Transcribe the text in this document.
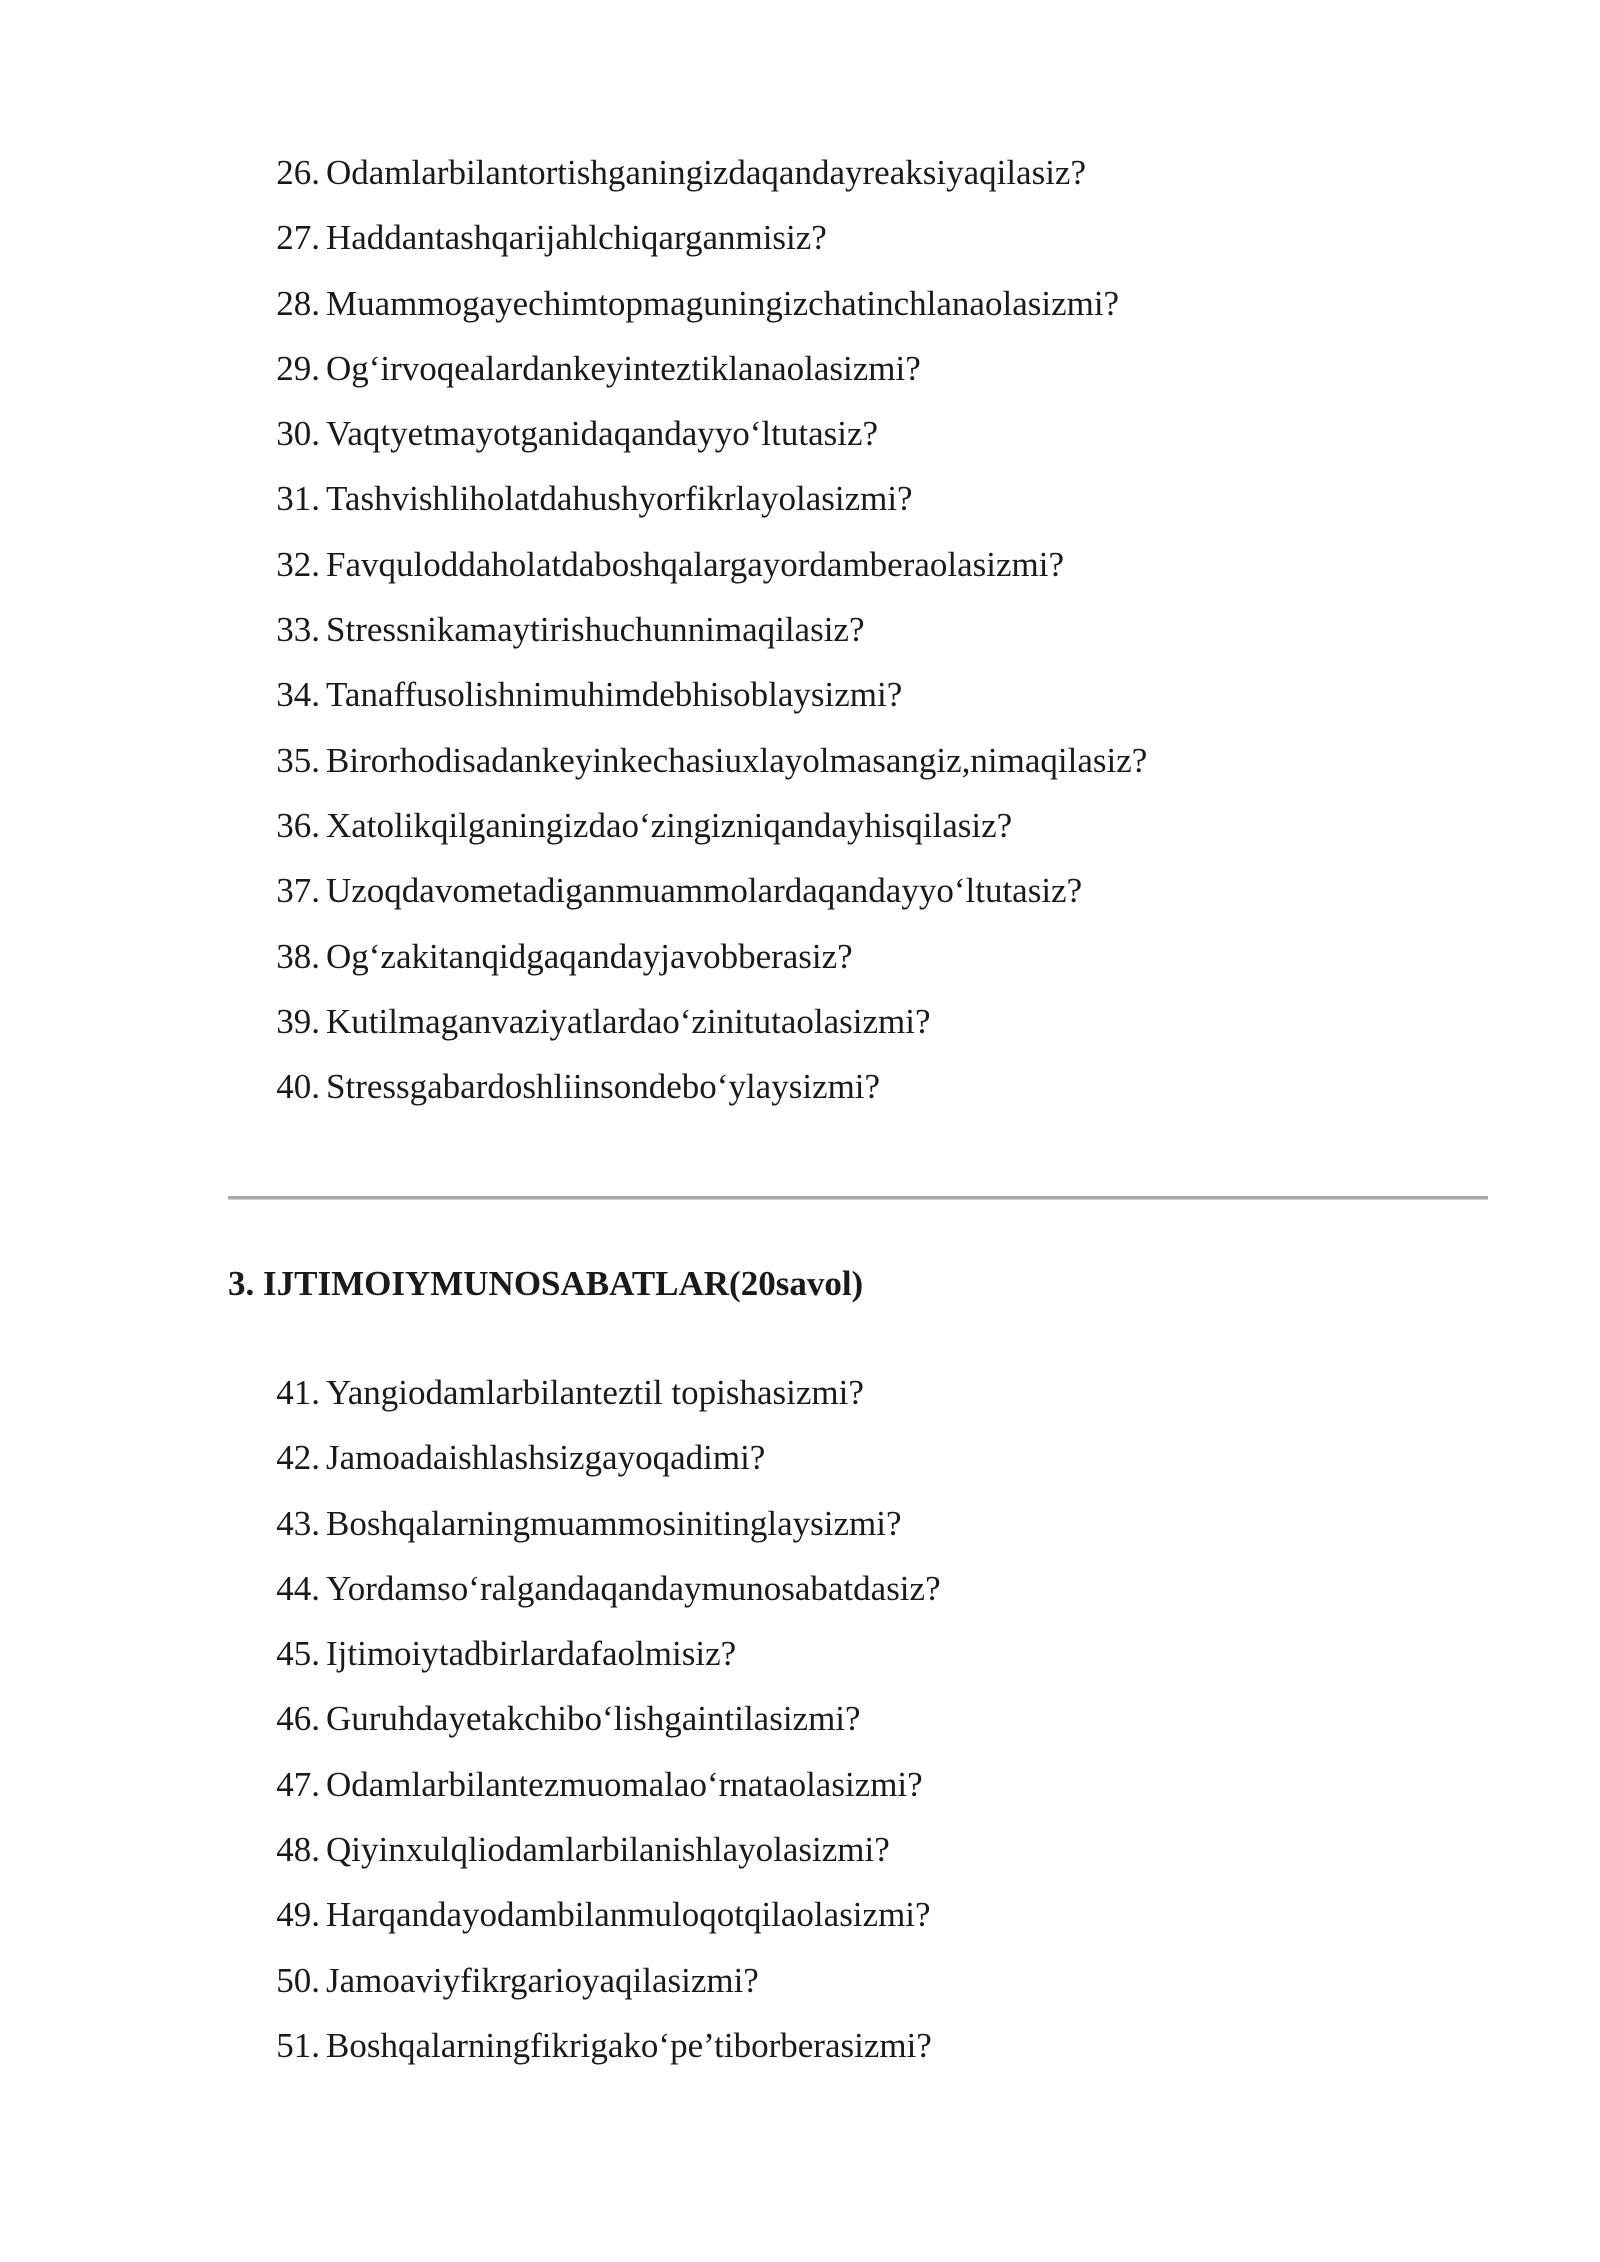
26. Odamlarbilantortishganingizdaqandayreaksiyaqilasiz?
27. Haddantashqarijahlchiqarganmisiz?
28. Muammogayechimtopmaguningizchatinchlanaolasizmi?
29. Og‘irvoqealardankeyinteztiklanaolasizmi?
30. Vaqtyetmayotganidaqandayyo‘ltutasiz?
31. Tashvishliholatdahushyorfikrlayolasizmi?
32. Favquloddaholatdaboshqalargayordamberaolasizmi?
33. Stressnikamaytirishuchunnimaqilasiz?
34. Tanaffusolishnimuhimdebhisoblaysizmi?
35. Birorhodisadankeyinkechasiuxlayolmasangiz,nimaqilasiz?
36. Xatolikqilganingizdao‘zingizniqandayhisqilasiz?
37. Uzoqdavometadiganmuammolardaqandayyo‘ltutasiz?
38. Og‘zakitanqidgaqandayjavobberasiz?
39. Kutilmaganvaziyatlardao‘zinitutaolasizmi?
40. Stressgabardoshliinsondebo‘ylaysizmi?
3. IJTIMOIYMUNOSABATLAR(20savol)
41. Yangiodamlarbilanteztil topishasizmi?
42. Jamoadaishlashsizgayoqadimi?
43. Boshqalarningmuammosinitinglaysizmi?
44. Yordamso‘ralgandaqandaymunosabatdasiz?
45. Ijtimoiytadbirlardafaolmisiz?
46. Guruhdayetakchibo‘lishgaintilasizmi?
47. Odamlarbilantezmuomalao‘rnataolasizmi?
48. Qiyinxulqliodamlarbilanishlayolasizmi?
49. Harqandayodambilanmuloqotqilaolasizmi?
50. Jamoaviyfikrgarioyaqilasizmi?
51. Boshqalarningfikrigako‘pe’tiborberasizmi?
